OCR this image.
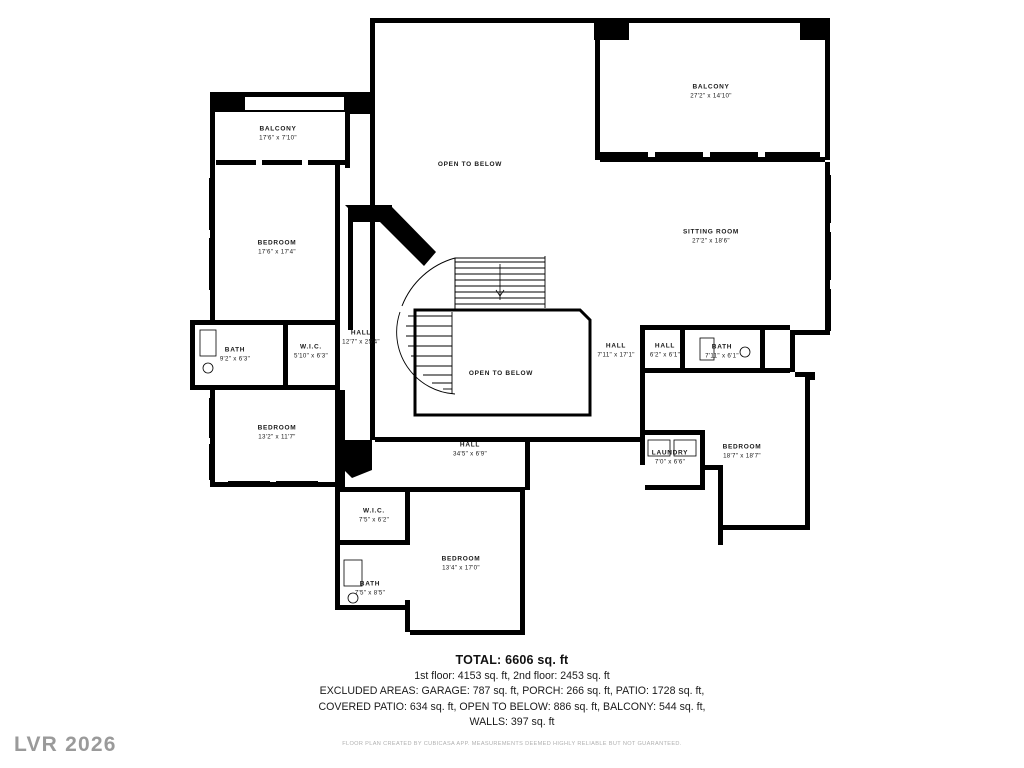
BALCONY
27'2" x 14'10"
BALCONY
17'6" x 7'10"
OPEN TO BELOW
SITTING ROOM
27'2" x 18'6"
BEDROOM
17'6" x 17'4"
HALL
12'7" x 25'4"
W.I.C.
5'10" x 6'3"
BATH
9'2" x 6'3"
HALL
7'11" x 17'1"
HALL
6'2" x 6'1"
BATH
7'11" x 6'1"
OPEN TO BELOW
BEDROOM
13'2" x 11'7"
HALL
34'5" x 6'9"	LAUNDRY
7'0" x 6'6"
BEDROOM
18'7" x 18'7"
W.I.C.
7'5" x 6'2"
BEDROOM
13'4" x 17'0"
BATH
7'5" x 8'5"
TOTAL: 6606 sq. ft
1st floor: 4153 sq. ft, 2nd floor: 2453 sq. ft
EXCLUDED AREAS: GARAGE: 787 sq. ft, PORCH: 266 sq. ft, PATIO: 1728 sq. ft,
COVERED PATIO: 634 sq. ft, OPEN TO BELOW: 886 sq. ft, BALCONY: 544 sq. ft,
WALLS: 397 sq. ft
LVR 2026	FLOOR PLAN CREATED BY CUBICASA APP. MEASUREMENTS DEEMED HIGHLY RELIABLE BUT NOT GUARANTEED.
